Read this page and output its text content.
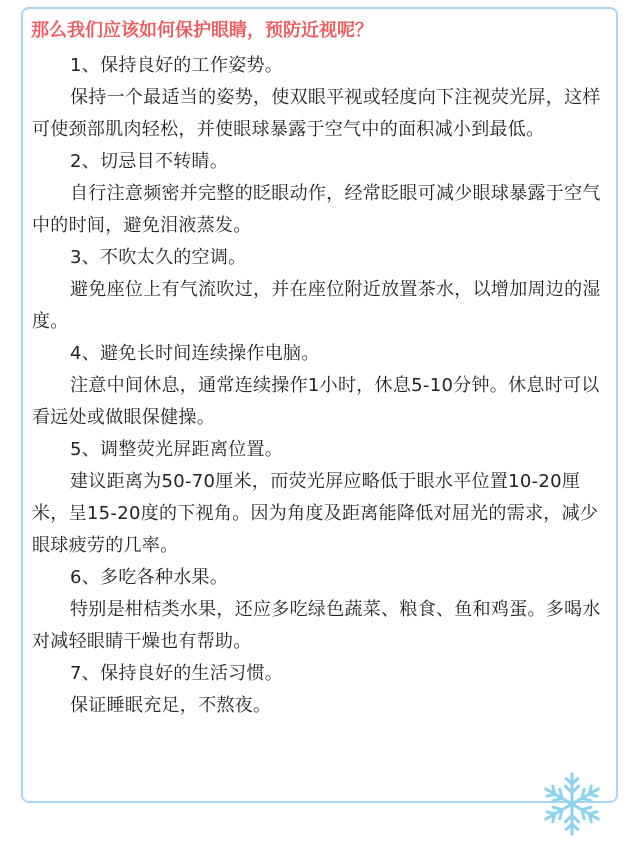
那么我们应该如何保护眼睛，预防近视呢？

1、保持良好的工作姿势。

保持一个最适当的姿势，使双眼平视或轻度向下注视荧光屏，这样可使颈部肌肉轻松，并使眼球暴露于空气中的面积减小到最低。

2、切忌目不转睛。

自行注意频密并完整的眨眼动作，经常眨眼可减少眼球暴露于空气中的时间，避免泪液蒸发。

3、不吹太久的空调。

避免座位上有气流吹过，并在座位附近放置茶水，以增加周边的湿度。

4、避免长时间连续操作电脑。

注意中间休息，通常连续操作1小时，休息5-10分钟。休息时可以看远处或做眼保健操。

5、调整荧光屏距离位置。

建议距离为50-70厘米，而荧光屏应略低于眼水平位置10-20厘米，呈15-20度的下视角。因为角度及距离能降低对屈光的需求，减少眼球疲劳的几率。

6、多吃各种水果。

特别是柑桔类水果，还应多吃绿色蔬菜、粮食、鱼和鸡蛋。多喝水对减轻眼睛干燥也有帮助。

7、保持良好的生活习惯。

保证睡眠充足，不熬夜。
